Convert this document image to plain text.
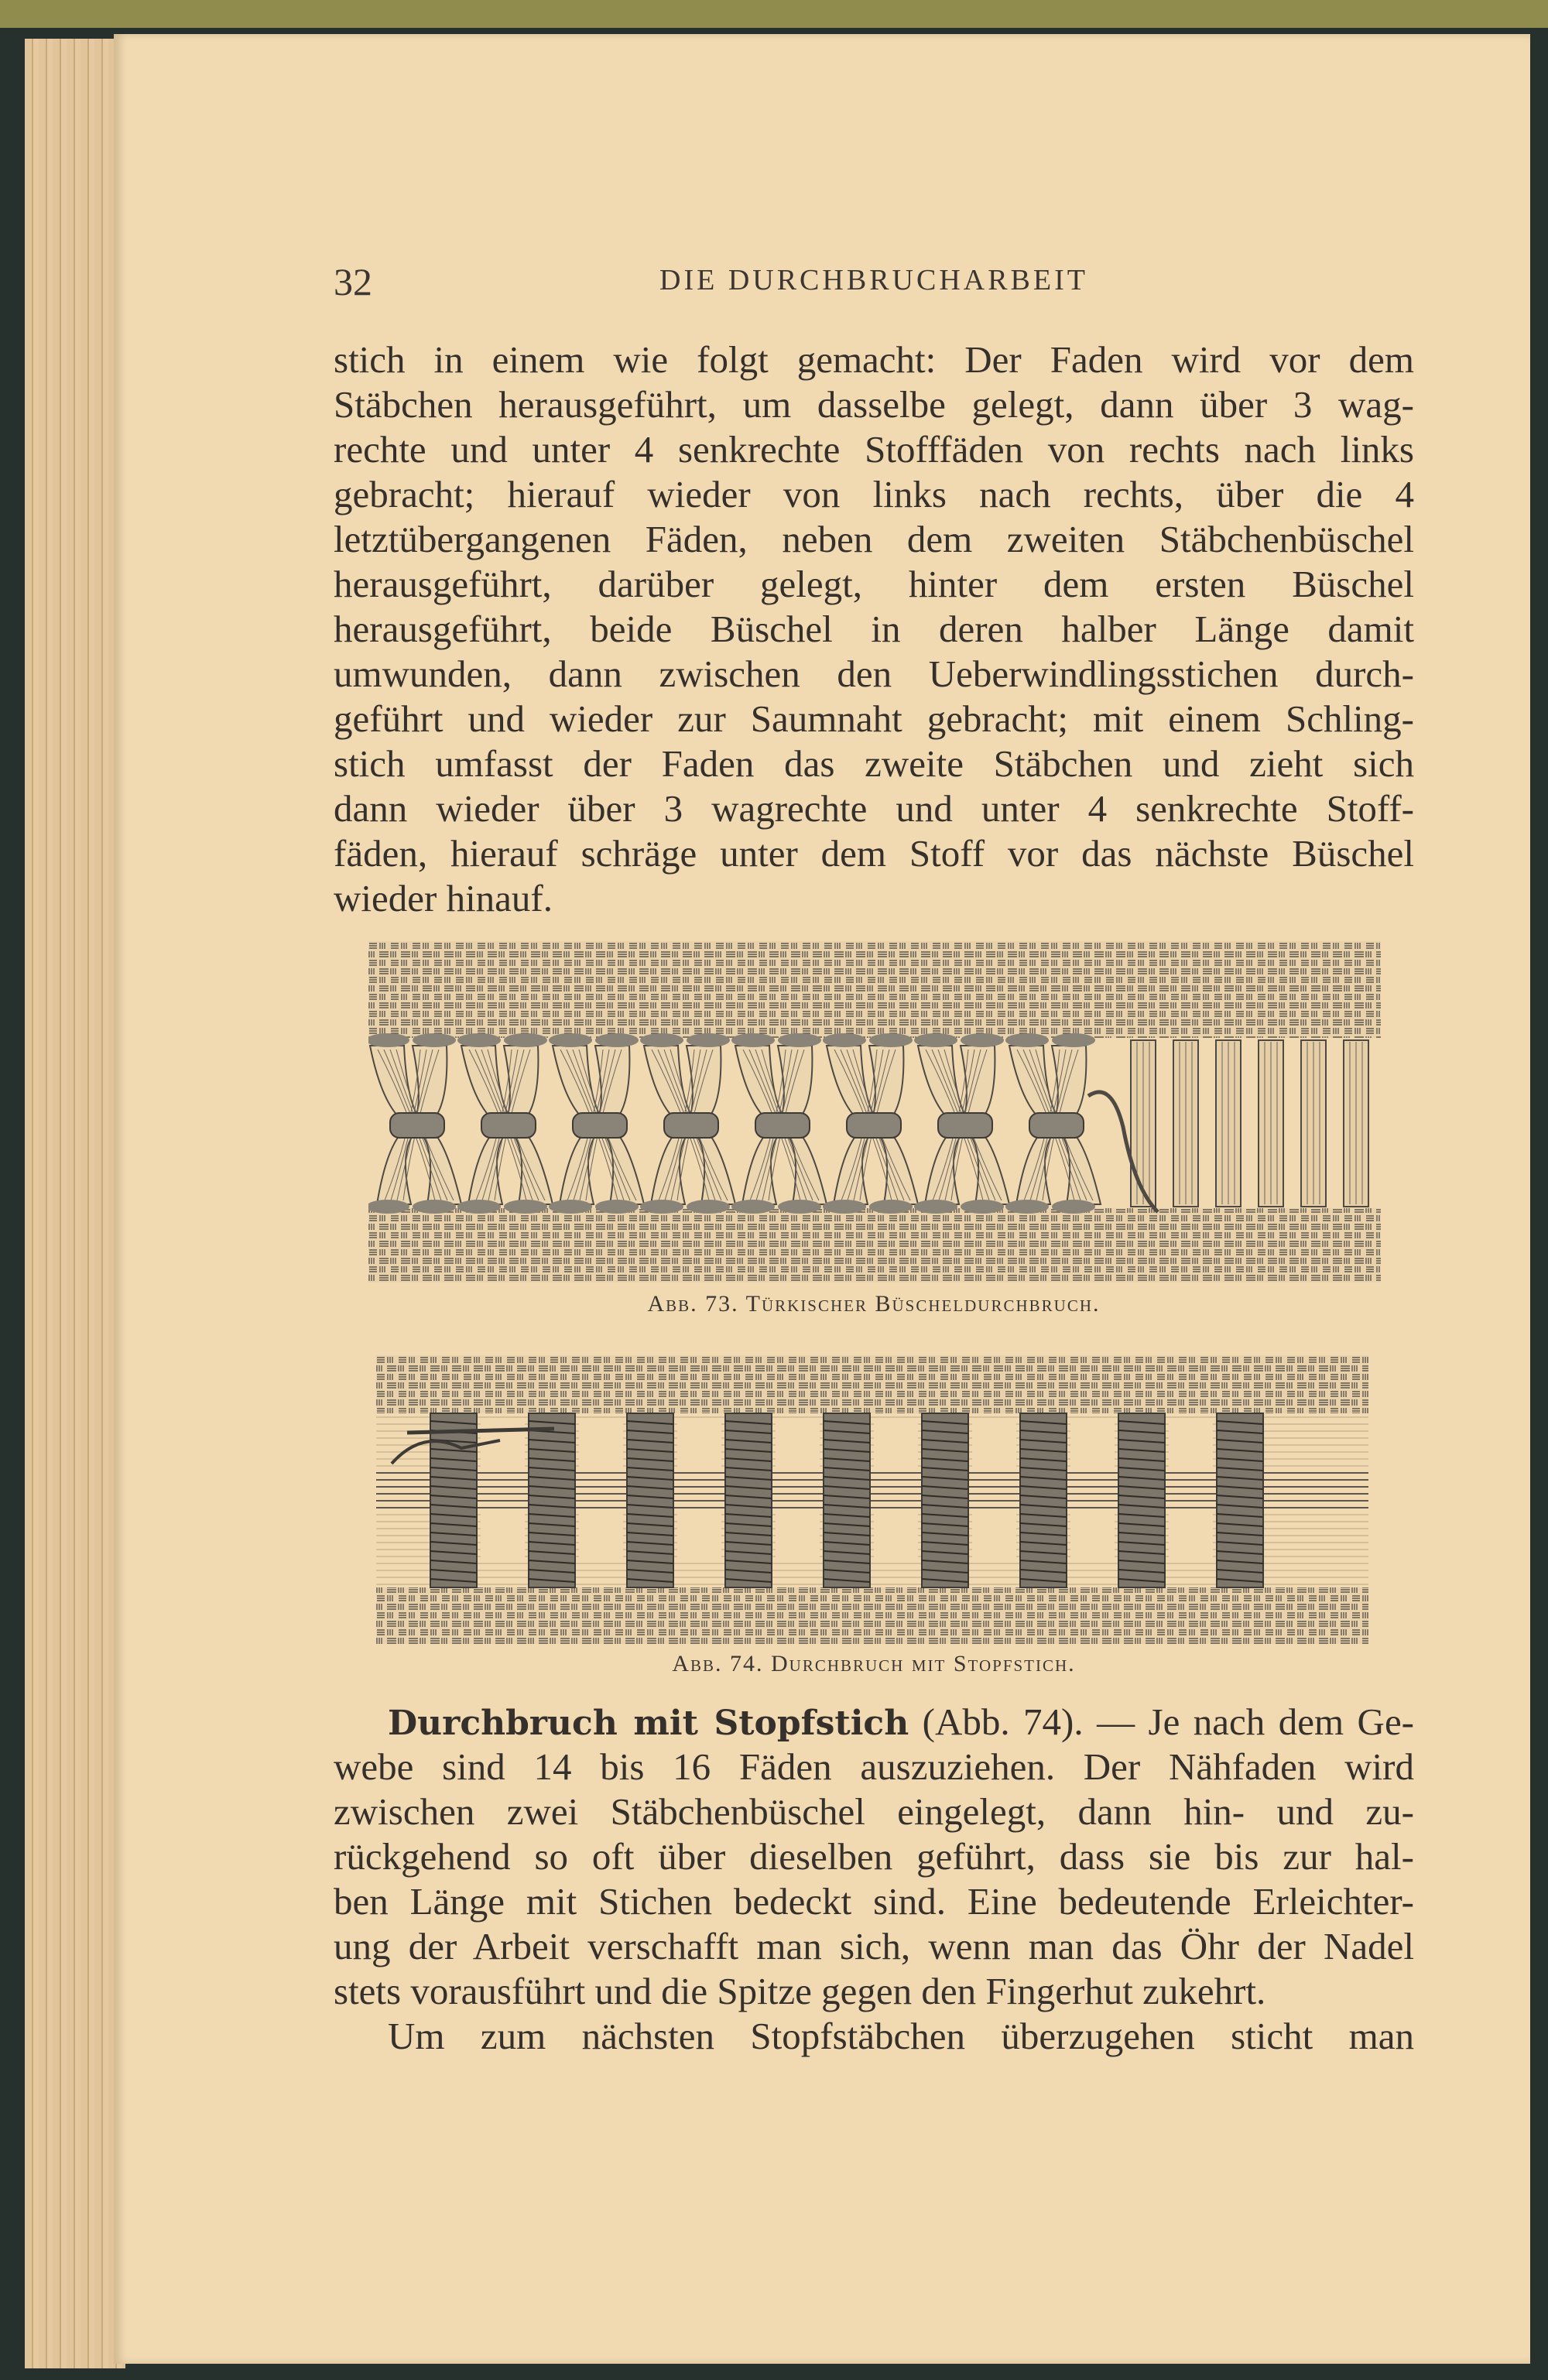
32	DIE DURCHBRUCHARBEIT
stich in einem wie folgt gemacht: Der Faden wird vor dem
Stäbchen herausgeführt, um dasselbe gelegt, dann über 3 wag-
rechte und unter 4 senkrechte Stofffäden von rechts nach links
gebracht; hierauf wieder von links nach rechts, über die 4
letztübergangenen Fäden, neben dem zweiten Stäbchenbüschel
herausgeführt, darüber gelegt, hinter dem ersten Büschel
herausgeführt, beide Büschel in deren halber Länge damit
umwunden, dann zwischen den Ueberwindlingsstichen durch-
geführt und wieder zur Saumnaht gebracht; mit einem Schling-
stich umfasst der Faden das zweite Stäbchen und zieht sich
dann wieder über 3 wagrechte und unter 4 senkrechte Stoff-
fäden, hierauf schräge unter dem Stoff vor das nächste Büschel
wieder hinauf.
Abb. 73. Türkischer Büscheldurchbruch.
Abb. 74. Durchbruch mit Stopfstich.
Durchbruch mit Stopfstich (Abb. 74). — Je nach dem Ge-
webe sind 14 bis 16 Fäden auszuziehen. Der Nähfaden wird
zwischen zwei Stäbchenbüschel eingelegt, dann hin- und zu-
rückgehend so oft über dieselben geführt, dass sie bis zur hal-
ben Länge mit Stichen bedeckt sind. Eine bedeutende Erleichter-
ung der Arbeit verschafft man sich, wenn man das Öhr der Nadel
stets vorausführt und die Spitze gegen den Fingerhut zukehrt.
Um zum nächsten Stopfstäbchen überzugehen sticht man
